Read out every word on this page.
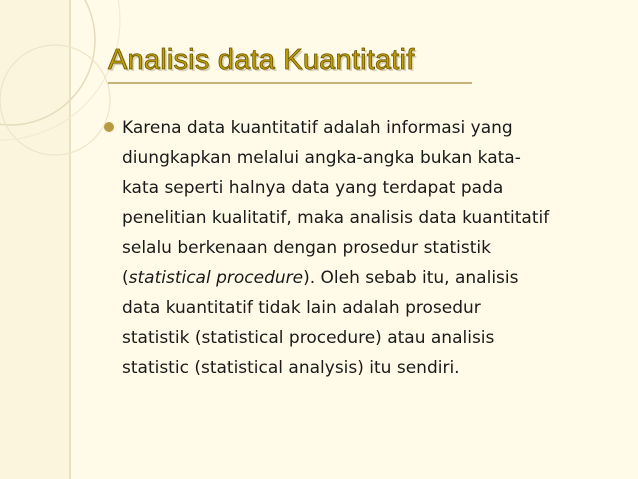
Analisis data Kuantitatif

Karena data kuantitatif adalah informasi yang
diungkapkan melalui angka-angka bukan kata-
kata seperti halnya data yang terdapat pada
penelitian kualitatif, maka analisis data kuantitatif
selalu berkenaan dengan prosedur statistik
(statistical procedure). Oleh sebab itu, analisis
data kuantitatif tidak lain adalah prosedur
statistik (statistical procedure) atau analisis
statistic (statistical analysis) itu sendiri.
